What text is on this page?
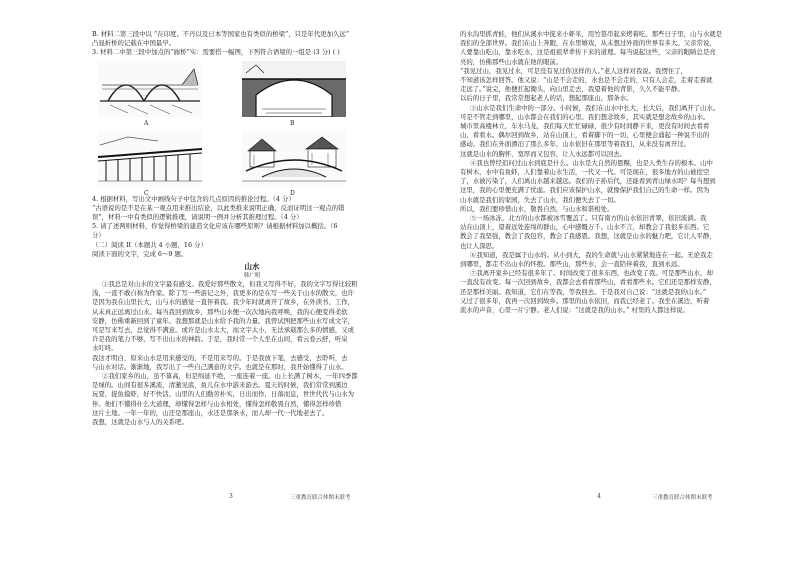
B. 材料二第三段中以 “在印度、不丹以及日本等国家也有类似的桥梁”，只是年代更加久远”
凸显折桥的记载在中国最早。
3. 材料二中第三段中加点的“廊桥”实：需要搭一幅图，下列符合语境的一组是 (3 分) ( )
A	B
C	D
4. 根据材料，写出文中画线句子中包含的几点原因的推论过程。（4 分）
“古语说的是不是在某一观点用来推出结论，以此类推来说明正确，反而证明这一观点的错
误”，材料一中有类似的逻辑推理，请说明一例并分析其推理过程。（4 分）
5. 请了述两则材料，你觉得桥梁的建造文化应该在哪些原则？请根据材料加以概括。（6
分）
（二）阅读 II（本题共 4 小题，16 分）
阅读下面的文字，完成 6～9 题。
山水
韩广明
①我总是对山水的文字最有感受。我爱好那些散文，但我又写得不好，我的文字写得比较粗
浅，一直不敢自称为作家。除了写一些游记之外，我更多的是在写一些关于山水的散文，也许
是因为我在山里长大，山与水的感觉一直伴着我。我少年时就离开了故乡，在外读书、工作，
从未真正远离过山水。每当我回到故乡，那些山水便一次次地向我呼唤，我的心便变得柔软
安静，仿佛重新回到了童年。我想那就是山水给予我的力量。我曾试图把那些山水写成文字，
可是写来写去，总觉得不满意。或许是山水太大，而文字太小，无法承载那么多的情感，又或
许是我的笔力不够，写不出山水的神韵。于是，我时常一个人坐在山间，看云卷云舒，听泉
水叮咚。
我这才明白，原来山水是用来感受的，不是用来写的。于是我放下笔，去感受，去聆听，去
与山水对话。渐渐地，我写出了一些自己满意的文字。也就是在那时，我开始懂得了山水。
②我们家乡的山，虽不算高，但是绵延不绝，一座连着一座。山上长满了树木，一年四季都
是绿的。山间有很多溪流，清澈见底，鱼儿在水中游来游去。夏天的时候，我们常常到溪边
玩耍，捉鱼摸虾，好不快活。山里的人们勤劳朴实，日出而作，日落而息，世世代代与山水为
伴。他们不懂得什么大道理，却懂得怎样与山水相处，懂得怎样敬畏自然，懂得怎样珍惜
这片土地。一年一年的，山还是那座山，水还是那条水，而人却一代一代地老去了。
我想，这就是山水与人的关系吧。
3	三重教育联合体期末联考
的水沟里抓青蛙，他们从溪水中捉来小虾米，用竹签串起来烤着吃。那些日子里，山与水就是
我们的全部世界。我们在山上奔跑，在水里嬉戏，从未想过外面的世界有多大。父亲常说，
人要靠山吃山，靠水吃水，这是祖祖辈辈传下来的道理。每当说起这些，父亲的眼睛总是亮
亮的，仿佛那些山水就在他的眼前。
“我见过山，我见过水，可是没有见过你这样的人。”老人这样对我说。我愣住了，
不知道该怎样回答。他又说：“山是不会走的，水也是不会走的，只有人会走，走着走着就
走远了。”说完，他便扛起锄头，向山里走去，我望着他的背影，久久不能平静。
以后的日子里，我常常想起老人的话，想起那座山，那条水。
③山水是我们生命中的一部分。小时候，我们在山水中长大，长大后，我们离开了山水。
可是不管走到哪里，山水都会在我们的心里。我们想念故乡，其实就是想念故乡的山水。
城市里高楼林立，车水马龙，我们每天忙忙碌碌，很少有时间静下来，更没有时间去看看
山，看看水。偶尔回到故乡，站在山顶上，看着脚下的一切，心里便会涌起一种说不出的
感动。我们在外面漂泊了那么多年，山水依旧在那里等着我们，从来没有离开过。
这就是山水的胸怀，宽厚而又包容，让人永远都可以回去。
④我也曾经追问过山水到底是什么。山水是大自然的恩赐，也是人类生存的根本。山中
有树木，水中有鱼虾，人们靠着山水生活，一代又一代。可是现在，很多地方的山被挖空
了，水被污染了，人们离山水越来越远。我们的子孙后代，还能看到青山绿水吗？每当想到
这里，我的心里便充满了忧虑。我们应该保护山水，就像保护我们自己的生命一样。因为
山水就是我们的家园，失去了山水，我们便失去了一切。
所以，我们要珍惜山水，敬畏自然，与山水和谐相处。
⑤一场冰冻，北方的山水都被冰雪覆盖了。只有南方的山水依旧青翠，依旧流淌。我
站在山顶上，望着远处连绵的群山，心中感慨万千。山水不言，却教会了我很多东西。它
教会了我坚强，教会了我包容，教会了我感恩。我想，这就是山水的魅力吧，它让人平静，
也让人深思。
⑥我知道，我是属于山水的。从小到大，我的生命就与山水紧紧地连在一起。无论我走
到哪里，都走不出山水的怀抱。那些山，那些水，会一直陪伴着我，直到永远。
⑦我离开家乡已经有很多年了。时间改变了很多东西，也改变了我。可是那些山水，却
一直没有改变。每一次回到故乡，我都会去看看那些山，看看那些水。它们还是那样安静，
还是那样美丽。我知道，它们在等我，等我回去。于是我对自己说：“这就是我的山水。”
又过了很多年，我再一次回到故乡。那里的山水依旧，而我已经老了。我坐在溪边，听着
流水的声音，心里一片宁静。老人们说：“这就是我的山水。” 村里的人都这样说。
4	三重教育联合体期末联考
